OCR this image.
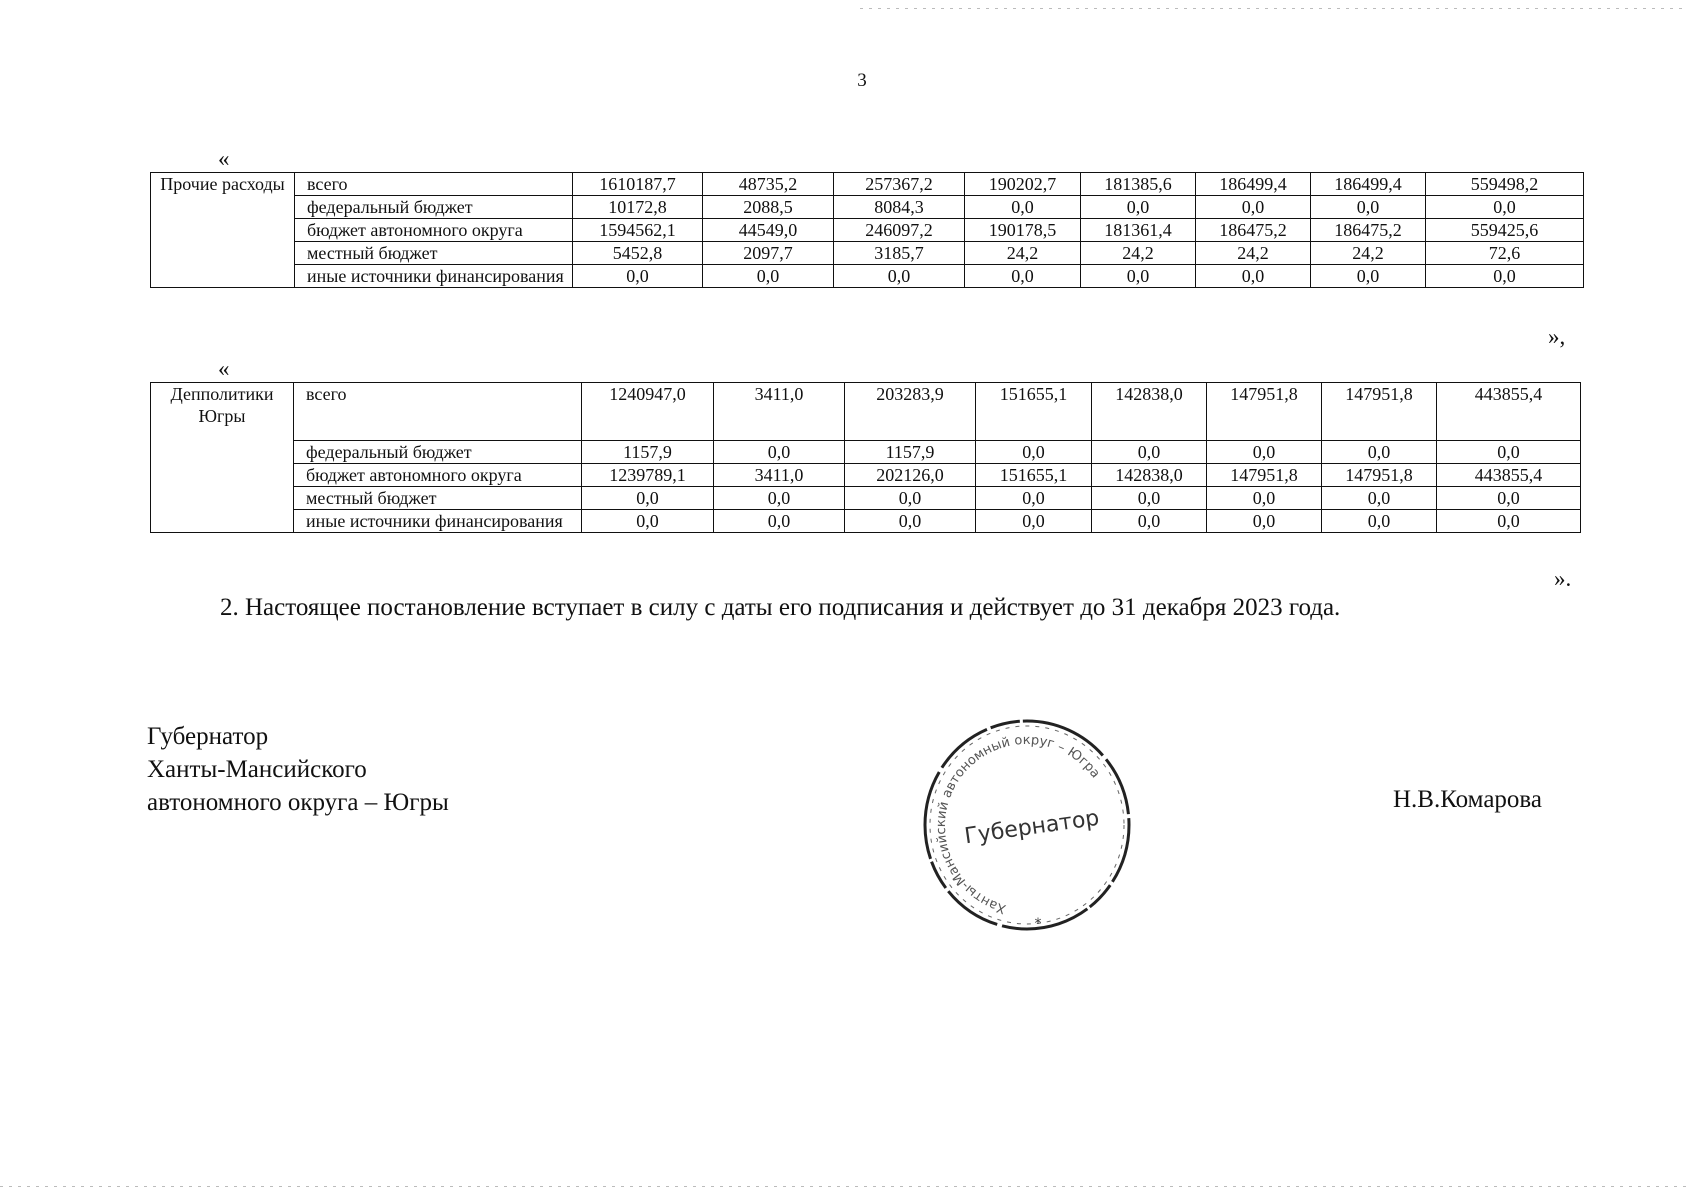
3
«
Прочие расходы	всего	1610187,7	48735,2	257367,2	190202,7	181385,6	186499,4	186499,4	559498,2
	федеральный бюджет	10172,8	2088,5	8084,3	0,0	0,0	0,0	0,0	0,0
	бюджет автономного округа	1594562,1	44549,0	246097,2	190178,5	181361,4	186475,2	186475,2	559425,6
	местный бюджет	5452,8	2097,7	3185,7	24,2	24,2	24,2	24,2	72,6
	иные источники финансирования	0,0	0,0	0,0	0,0	0,0	0,0	0,0	0,0
»,
«
Депполитики Югры	всего	1240947,0	3411,0	203283,9	151655,1	142838,0	147951,8	147951,8	443855,4
	федеральный бюджет	1157,9	0,0	1157,9	0,0	0,0	0,0	0,0	0,0
	бюджет автономного округа	1239789,1	3411,0	202126,0	151655,1	142838,0	147951,8	147951,8	443855,4
	местный бюджет	0,0	0,0	0,0	0,0	0,0	0,0	0,0	0,0
	иные источники финансирования	0,0	0,0	0,0	0,0	0,0	0,0	0,0	0,0
».
2. Настоящее постановление вступает в силу с даты его подписания и действует до 31 декабря 2023 года.
Губернатор
Ханты-Мансийского
автономного округа – Югры
Ханты-Мансийский автономный округ – Югра
Губернатор
*
Н.В.Комарова
